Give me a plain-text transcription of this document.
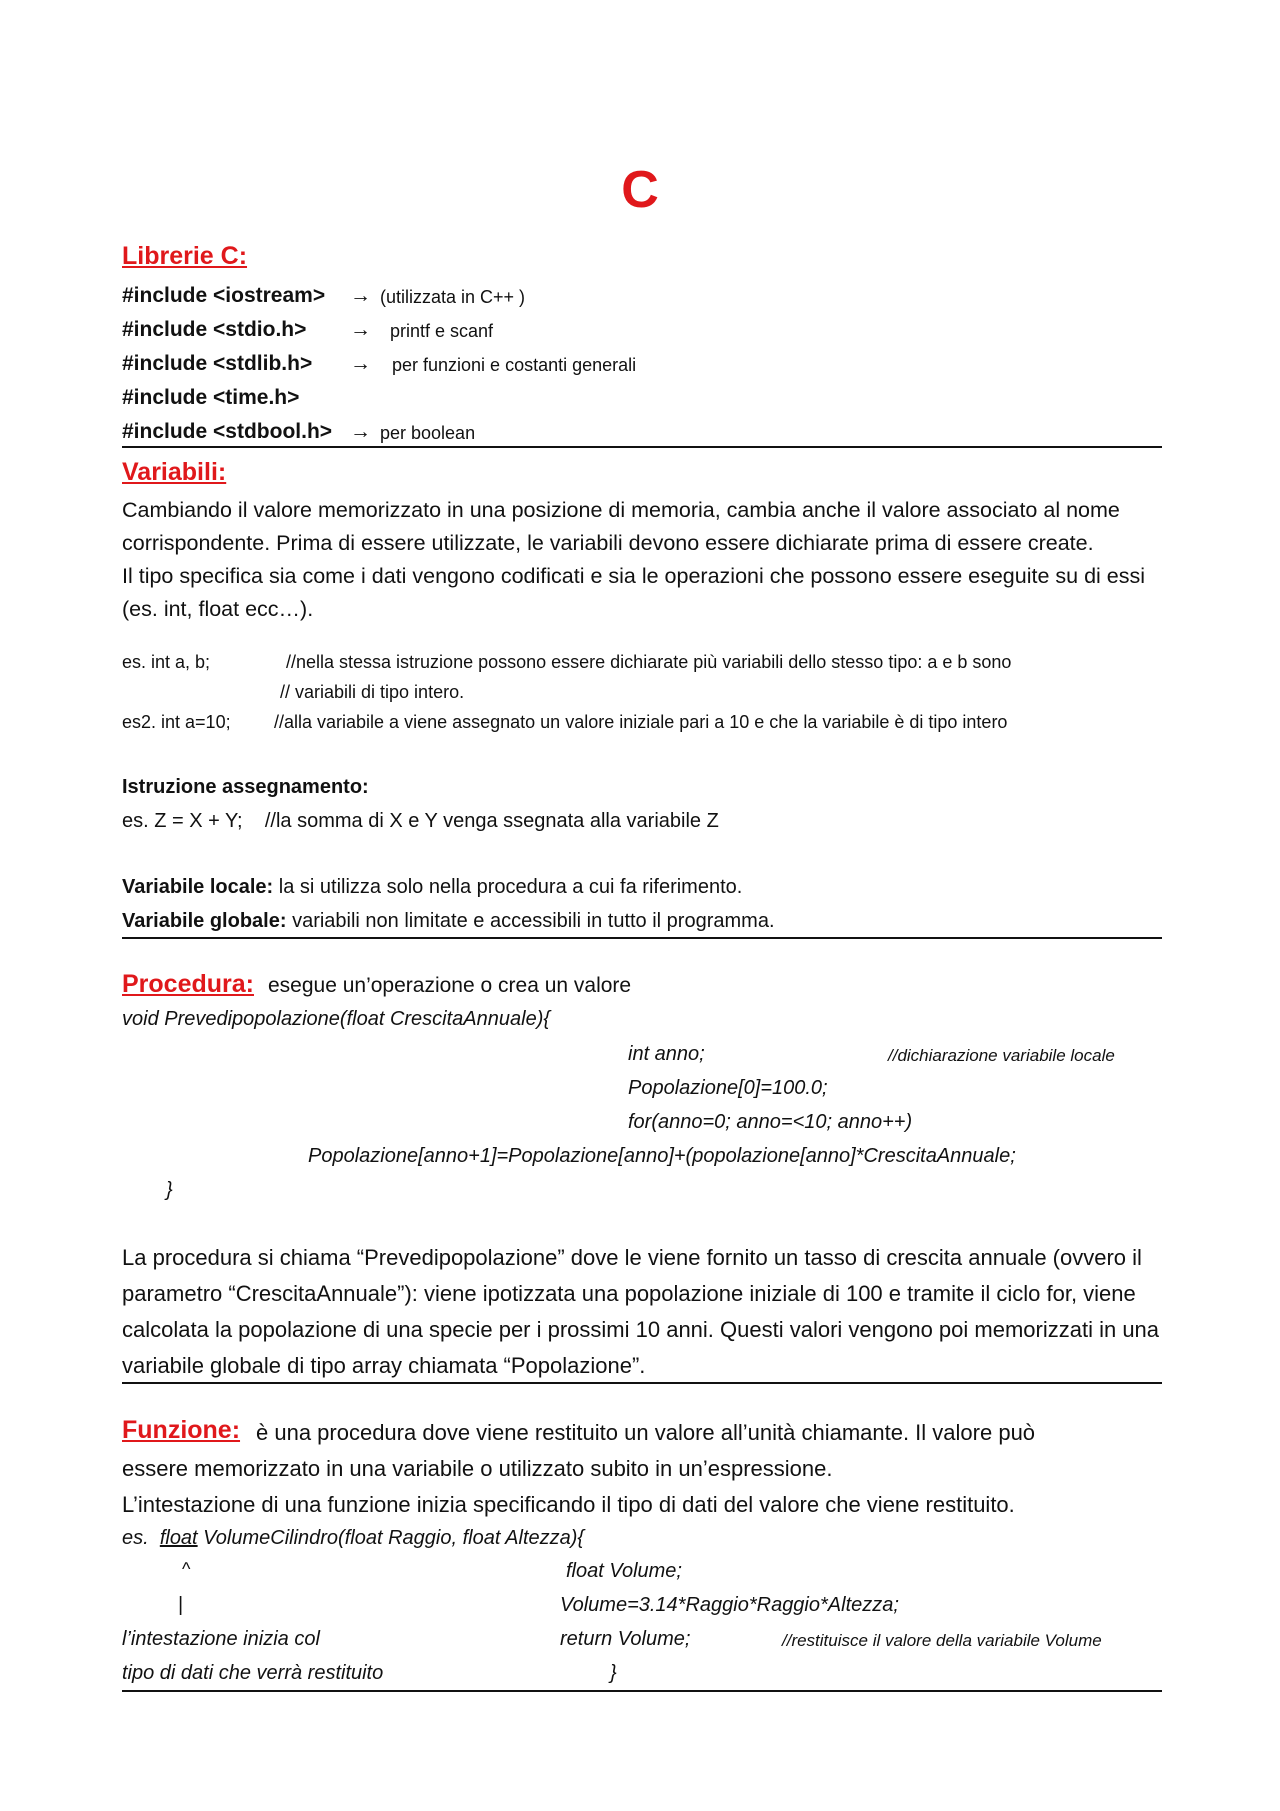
C
Librerie C:
#include <iostream> → (utilizzata in C++ )
#include <stdio.h> → printf e scanf
#include <stdlib.h> → per funzioni e costanti generali
#include <time.h>
#include <stdbool.h> → per boolean
Variabili:
Cambiando il valore memorizzato in una posizione di memoria, cambia anche il valore associato al nome corrispondente. Prima di essere utilizzate, le variabili devono essere dichiarate prima di essere create.
Il tipo specifica sia come i dati vengono codificati e sia le operazioni che possono essere eseguite su di essi (es. int, float ecc…).
es. int a, b;	//nella stessa istruzione possono essere dichiarate più variabili dello stesso tipo: a e b sono
// variabili di tipo intero.
es2. int a=10; //alla variabile a viene assegnato un valore iniziale pari a 10 e che la variabile è di tipo intero
Istruzione assegnamento:
es. Z = X + Y;    //la somma di X e Y venga ssegnata alla variabile Z
Variabile locale: la si utilizza solo nella procedura a cui fa riferimento.
Variabile globale: variabili non limitate e accessibili in tutto il programma.
Procedura: esegue un’operazione o crea un valore
void Prevedipopolazione(float CrescitaAnnuale){
int anno;	//dichiarazione variabile locale
Popolazione[0]=100.0;
for(anno=0; anno=<10; anno++)
Popolazione[anno+1]=Popolazione[anno]+(popolazione[anno]*CrescitaAnnuale;
}
La procedura si chiama “Prevedipopolazione” dove le viene fornito un tasso di crescita annuale (ovvero il parametro “CrescitaAnnuale”): viene ipotizzata una popolazione iniziale di 100 e tramite il ciclo for, viene calcolata la popolazione di una specie per i prossimi 10 anni. Questi valori vengono poi memorizzati in una variabile globale di tipo array chiamata “Popolazione”.
Funzione: è una procedura dove viene restituito un valore all’unità chiamante. Il valore può
essere memorizzato in una variabile o utilizzato subito in un’espressione.
L’intestazione di una funzione inizia specificando il tipo di dati del valore che viene restituito.
es. float VolumeCilindro(float Raggio, float Altezza){
^
|
l’intestazione inizia col
tipo di dati che verrà restituito
float Volume;
Volume=3.14*Raggio*Raggio*Altezza;
return Volume;	//restituisce il valore della variabile Volume
}
